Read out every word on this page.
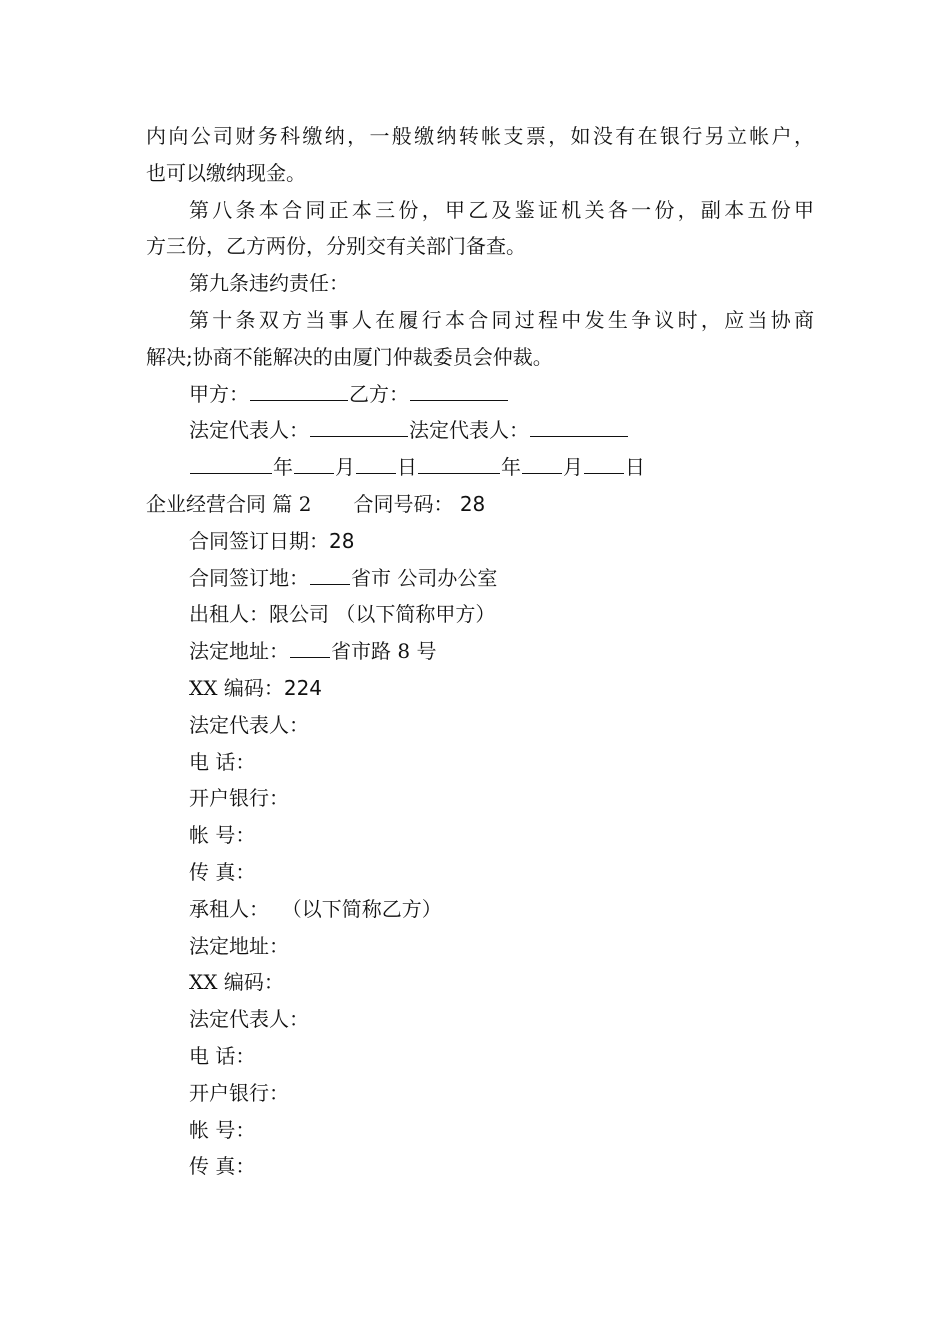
内向公司财务科缴纳，一般缴纳转帐支票，如没有在银行另立帐户，
也可以缴纳现金。
第八条本合同正本三份，甲乙及鉴证机关各一份，副本五份甲
方三份，乙方两份，分别交有关部门备查。
第九条违约责任：
第十条双方当事人在履行本合同过程中发生争议时，应当协商
解决;协商不能解决的由厦门仲裁委员会仲裁。
甲方：	乙方：
法定代表人：	法定代表人：
年 月 日	年 月 日
企业经营合同 篇 2 合同号码： 28
合同签订日期：28
合同签订地： 省市 公司办公室
出租人：限公司 （以下简称甲方）
法定地址： 省市路 8 号
XX 编码：224
法定代表人：
电 话：
开户银行：
帐 号：
传 真：
承租人： （以下简称乙方）
法定地址：
XX 编码：
法定代表人：
电 话：
开户银行：
帐 号：
传 真：
